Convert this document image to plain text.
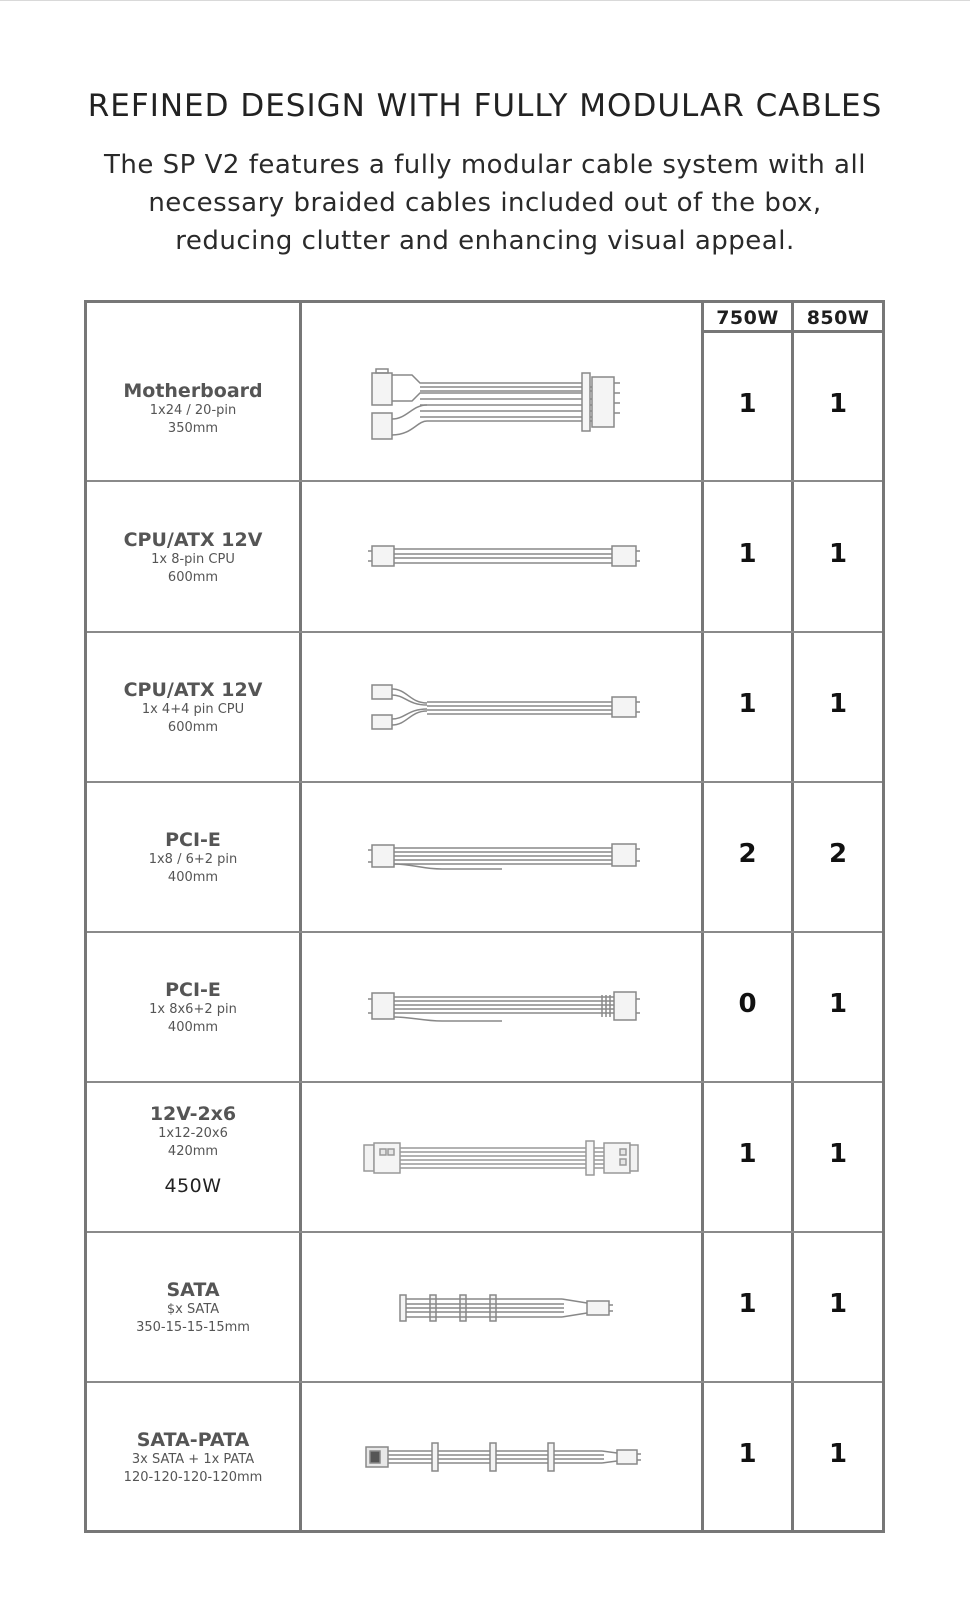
REFINED DESIGN WITH FULLY MODULAR CABLES
The SP V2 features a fully modular cable system with all
necessary braided cables included out of the box,
reducing clutter and enhancing visual appeal.
750W	850W
Motherboard
1x24 / 20-pin
350mm
1	1
CPU/ATX 12V
1x 8-pin CPU
600mm
1	1
CPU/ATX 12V
1x 4+4 pin CPU
600mm
1	1
PCI-E
1x8 / 6+2 pin
400mm
2	2
PCI-E
1x 8x6+2 pin
400mm
0	1
12V-2x6
1x12-20x6
420mm
450W
1	1
SATA
$x SATA
350-15-15-15mm
1	1
SATA-PATA
3x SATA + 1x PATA
120-120-120-120mm
1	1
